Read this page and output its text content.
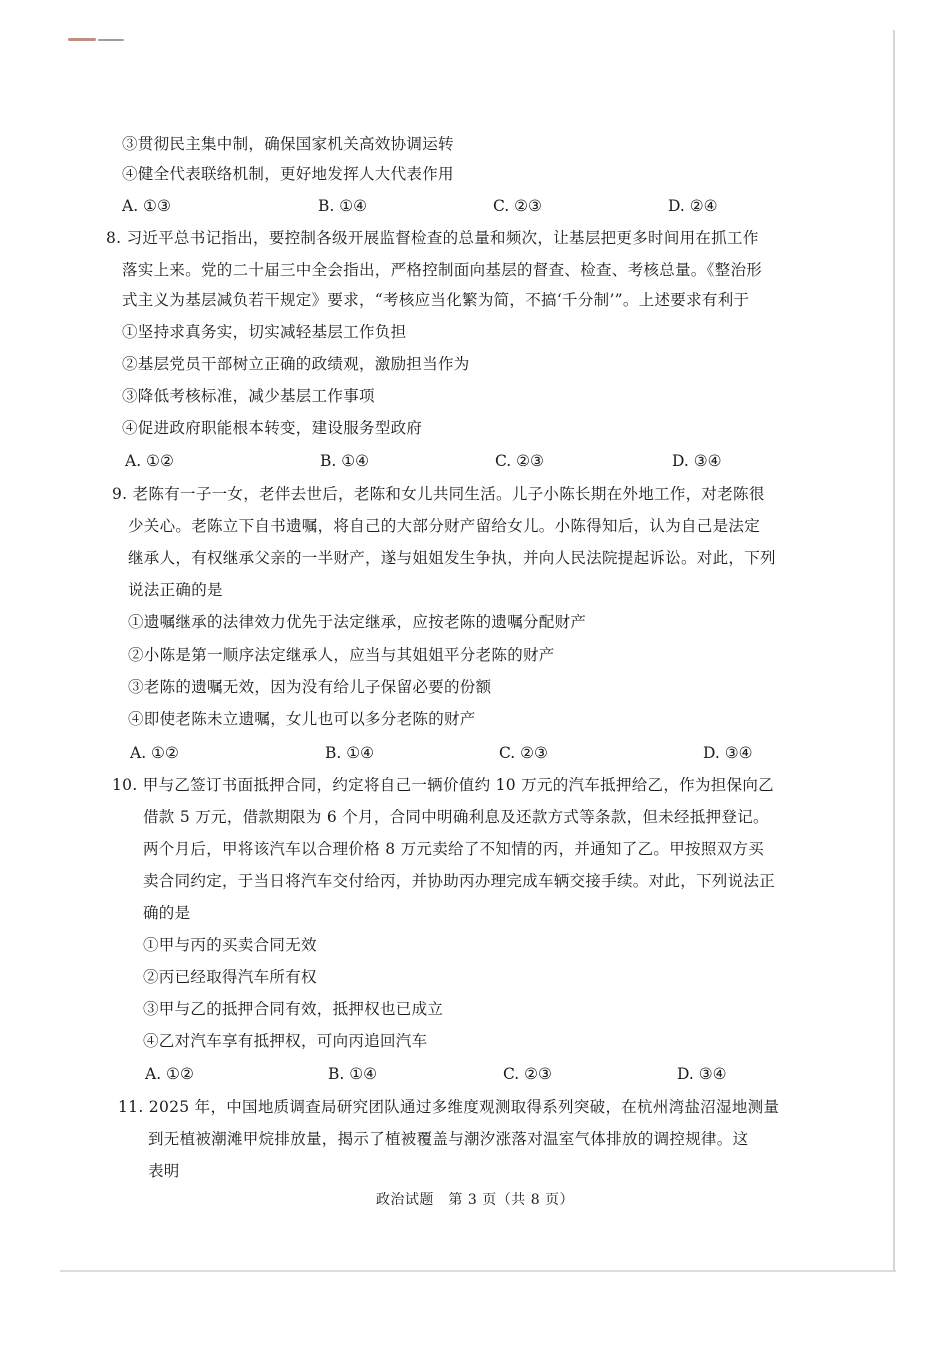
③贯彻民主集中制，确保国家机关高效协调运转
④健全代表联络机制，更好地发挥人大代表作用
A. ①③	B. ①④	C. ②③	D. ②④
8. 习近平总书记指出，要控制各级开展监督检查的总量和频次，让基层把更多时间用在抓工作
落实上来。党的二十届三中全会指出，严格控制面向基层的督查、检查、考核总量。《整治形
式主义为基层减负若干规定》要求，“考核应当化繁为简，不搞‘千分制’”。上述要求有利于
①坚持求真务实，切实减轻基层工作负担
②基层党员干部树立正确的政绩观，激励担当作为
③降低考核标准，减少基层工作事项
④促进政府职能根本转变，建设服务型政府
A. ①②	B. ①④	C. ②③	D. ③④
9. 老陈有一子一女，老伴去世后，老陈和女儿共同生活。儿子小陈长期在外地工作，对老陈很
少关心。老陈立下自书遗嘱，将自己的大部分财产留给女儿。小陈得知后，认为自己是法定
继承人，有权继承父亲的一半财产，遂与姐姐发生争执，并向人民法院提起诉讼。对此，下列
说法正确的是
①遗嘱继承的法律效力优先于法定继承，应按老陈的遗嘱分配财产
②小陈是第一顺序法定继承人，应当与其姐姐平分老陈的财产
③老陈的遗嘱无效，因为没有给儿子保留必要的份额
④即使老陈未立遗嘱，女儿也可以多分老陈的财产
A. ①②	B. ①④	C. ②③	D. ③④
10. 甲与乙签订书面抵押合同，约定将自己一辆价值约 10 万元的汽车抵押给乙，作为担保向乙
借款 5 万元，借款期限为 6 个月，合同中明确利息及还款方式等条款，但未经抵押登记。
两个月后，甲将该汽车以合理价格 8 万元卖给了不知情的丙，并通知了乙。甲按照双方买
卖合同约定，于当日将汽车交付给丙，并协助丙办理完成车辆交接手续。对此，下列说法正
确的是
①甲与丙的买卖合同无效
②丙已经取得汽车所有权
③甲与乙的抵押合同有效，抵押权也已成立
④乙对汽车享有抵押权，可向丙追回汽车
A. ①②	B. ①④	C. ②③	D. ③④
11. 2025 年，中国地质调查局研究团队通过多维度观测取得系列突破，在杭州湾盐沼湿地测量
到无植被潮滩甲烷排放量，揭示了植被覆盖与潮汐涨落对温室气体排放的调控规律。这
表明
政治试题　第 3 页（共 8 页）
